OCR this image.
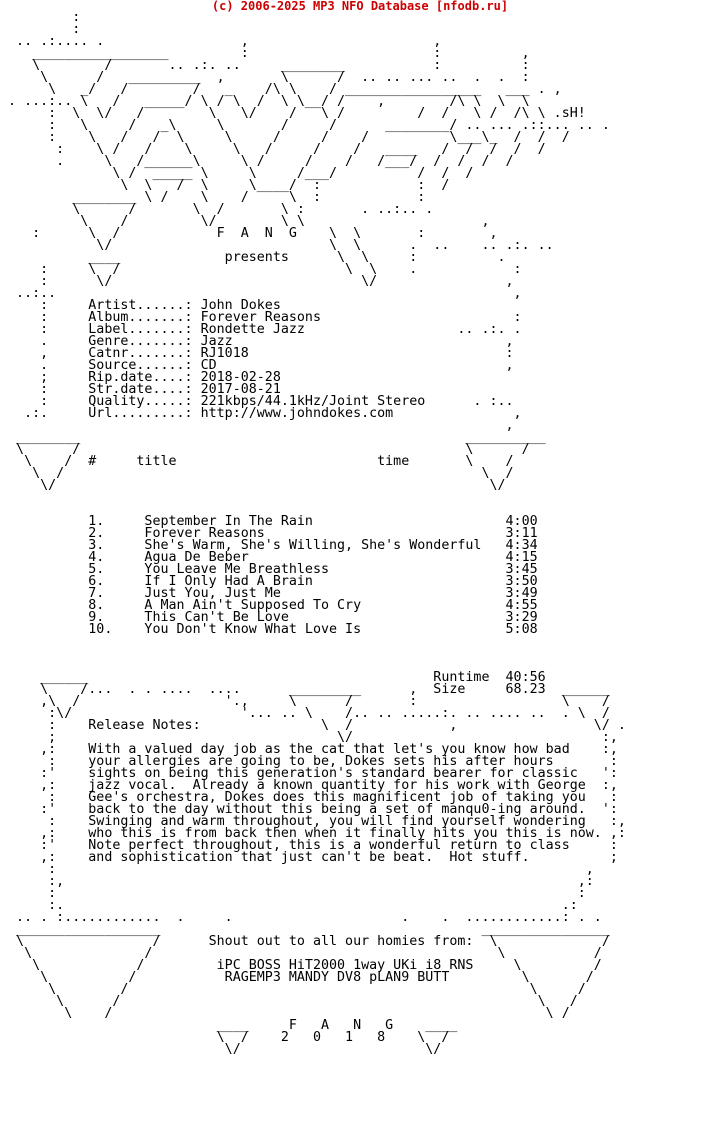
(c) 2006-2025 MP3 NFO Database [nfodb.ru]
:
:
.. .:.... .                 ,                       ,
_________________         :                       :          ,
\        /       .. .:. ..     ________           :          :
\      /   _________  ,       \      /  .. .. ... ..  .  .  :
\   _/   /        /   _    /\ \    / _________________   ___ . ,
. ...:.. \   /   _____/ \ / \  /  \ \__/ /    ,        /\ \  \  \
:  \  \/   /        \   \/    /   \ /         /  /   \ /  /\ \ .sH!
:   \     /   _\     \       /     /      ________/ .. ... .::... .. .
:    \   /   /  \     \     /     /    /          \___\_  /  /  /
:    \ /   /    \     \   /     /    /   ____   /  /  /  /  /
.     \   /______\     \ /     /    /   /___/  /  /  /  /
\ /  _____ \     \     /___/          /  /  /
\  \   /  \     \____/  :            :  /
________ \ /    \    /     \  :            :
\      /       \  /       \ :       . ..:.. .
\    /         \/        \ \                      ,
:      \  /            F  A  N  G    \  \       :        ,
\/                           \  \      .  ..    .. .:. ..
____             presents      \  \     :          .
:     \  /                            \  \    .            :
:      \/                               \/                ,
..:..                                                         ,
:     Artist......: John Dokes
:     Album.......: Forever Reasons                        :
:     Label.......: Rondette Jazz                   .. .:. .
.     Genre.......: Jazz                                  ,
,     Catnr.......: RJ1018                                :
.     Source......: CD                                    ,
;     Rip.date....: 2018-02-28
:     Str.date....: 2017-08-21
:     Quality.....: 221kbps/44.1kHz/Joint Stereo      . :..
.:.     Url.........: http://www.johndokes.com               ,
,
________                                                __________
\      /                                                \      /
\    /  #     title                         time       \    /
\  /                                                    \  /
\/                                                      \/

1.     September In The Rain                        4:00
2.     Forever Reasons                              3:11
3.     She's Warm, She's Willing, She's Wonderful   4:34
4.     Agua De Beber                                4:15
5.     You Leave Me Breathless                      3:45
6.     If I Only Had A Brain                        3:50
7.     Just You, Just Me                            3:49
8.     A Man Ain't Supposed To Cry                  4:55
9.     This Can't Be Love                           3:29
10.    You Don't Know What Love Is                  5:08

______                                           Runtime  40:56
\    /...  . . ....  ....      _________      ,  Size     68.23  ______
,\  /                  '.,     \      /       :                  \    /
:\/                     '... .. \    /.. .. .....:. .. .... ..  . \  /
:    Release Notes:               \  /            ,                 \/ .
;                                   \/                               :,
,:    With a valued day job as the cat that let's you know how bad    :,
:    your allergies are going to be, Dokes sets his after hours       :
:'    sights on being this generation's standard bearer for classic   ':
,:    jazz vocal.  Already a known quantity for his work with George  :,
:    Gee's orchestra, Dokes does this magnificent job of taking you   :
:'    back to the day without this being a set of manqu0-ing around.  ':
:    Swinging and warm throughout, you will find yourself wondering   :,
,:    who this is from back then when it finally hits you this is now. ,:
:'    Note perfect throughout, this is a wonderful return to class     :
,:    and sophistication that just can't be beat.  Hot stuff.          ;
:                                                                  ,
:,                                                                ,:
:                                                                 :
:.                                                              .:
.. . :............  .     .                     .    .  ............: . .
__________________                                        ________________
\                /      Shout out to all our homies from:  \             /
\              /                                           \           /
\            /         iPC BOSS HiT2000 1way UKi i8 RNS     \         /
\          /           RAGEMP3 MANDY DV8 pLAN9 BUTT         \       /
\        /                                                  \     /
\      /                                                    \   /
\    /                                                      \ /
____     F   A   N   G    ____
\  /    2   0   1   8    \  /
\/                       \/
